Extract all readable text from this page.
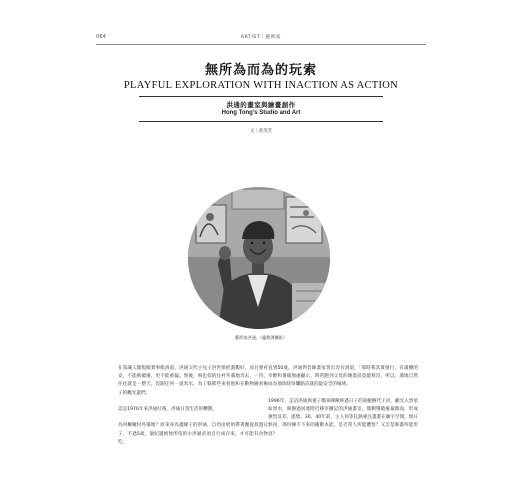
064	ARTIST｜藝術家
無所為而為的玩索
PLAYFUL EXPLORATION WITH INACTION AS ACTION
洪通的畫室與繪畫創作
Hong Tong’s Studio and Art
文｜黃茂芳
藝術家洪通。（龐銘湧攝影）

在知識人類版殿實事肌滑前，洪通交代小兒子洪世保把畫搬好，而且要看妥，不能被破壞，更不能被偏。然後，飛也似的往村外羹地奔去，一待，往往就是一整天，沒跟任何一道米水，為了躲那些來看他和在動物圖看猴子的觀光遊們。

這是1976年來洪通紅後，洪通日常生活的糟態。

為何屢屢村外羹地？原來身為邊緣子的洪通，自幼由奶奶帶著撫從叔過日子，不過5歲，個紀邊被無所依的小洪通必須自行成存來，才可能有食物吃。

直到50歲，洪通對昔師畫家習出奔有滑道，「那時我其實很行，有滿腰的宰醉和番筱無處顯示，時常跑到父母的壞墨前竟燒寫沒，所以，羹地自然成為他幼時珍爛點詩就的最安全的場域。

1996年，走訪洪通與妻子鄭來陳陳經過日子的南鯤鯓代王府，顧光入黑承如黑水，與辦過回連附近移宰擴記的洪通畫室，僅剩殘破廢棄舊面，形成強烈反差。遙想，30、40年前，主人何等狂熱專注畫畫在廟宇空間，無日無夜，那份傳不下來的衝動本能，是否常人所能體悟？又怎是畢畫所能形容？
